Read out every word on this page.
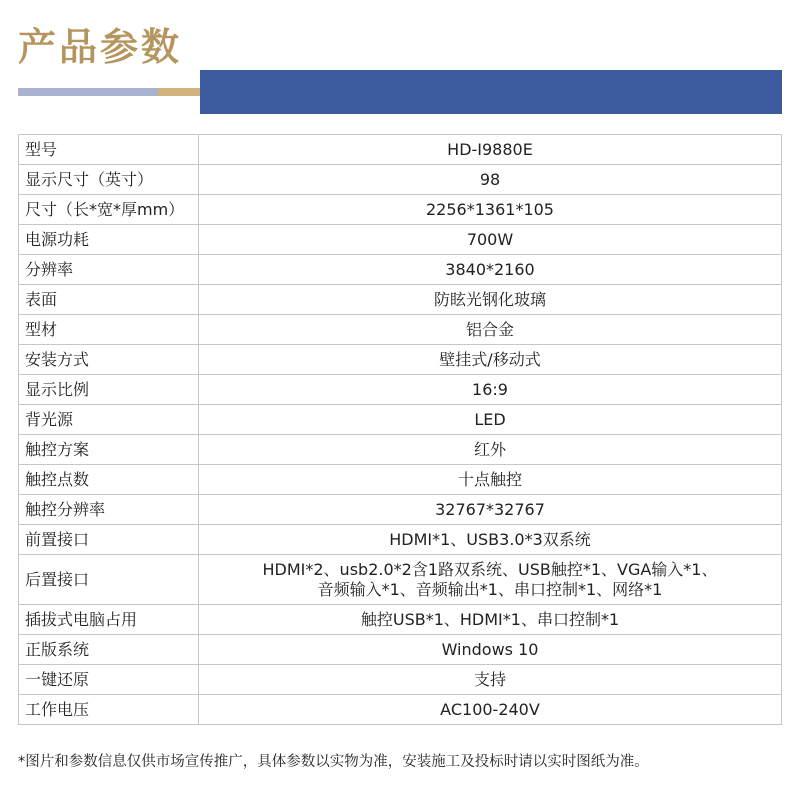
产品参数
型号	HD-I9880E
显示尺寸（英寸）	98
尺寸（长*宽*厚mm）	2256*1361*105
电源功耗	700W
分辨率	3840*2160
表面	防眩光钢化玻璃
型材	铝合金
安装方式	壁挂式/移动式
显示比例	16:9
背光源	LED
触控方案	红外
触控点数	十点触控
触控分辨率	32767*32767
前置接口	HDMI*1、USB3.0*3双系统
后置接口	HDMI*2、usb2.0*2含1路双系统、USB触控*1、VGA输入*1、
音频输入*1、音频输出*1、串口控制*1、网络*1

插拔式电脑占用	触控USB*1、HDMI*1、串口控制*1
正版系统	Windows 10
一键还原	支持
工作电压	AC100-240V
*图片和参数信息仅供市场宣传推广，具体参数以实物为准，安装施工及投标时请以实时图纸为准。
